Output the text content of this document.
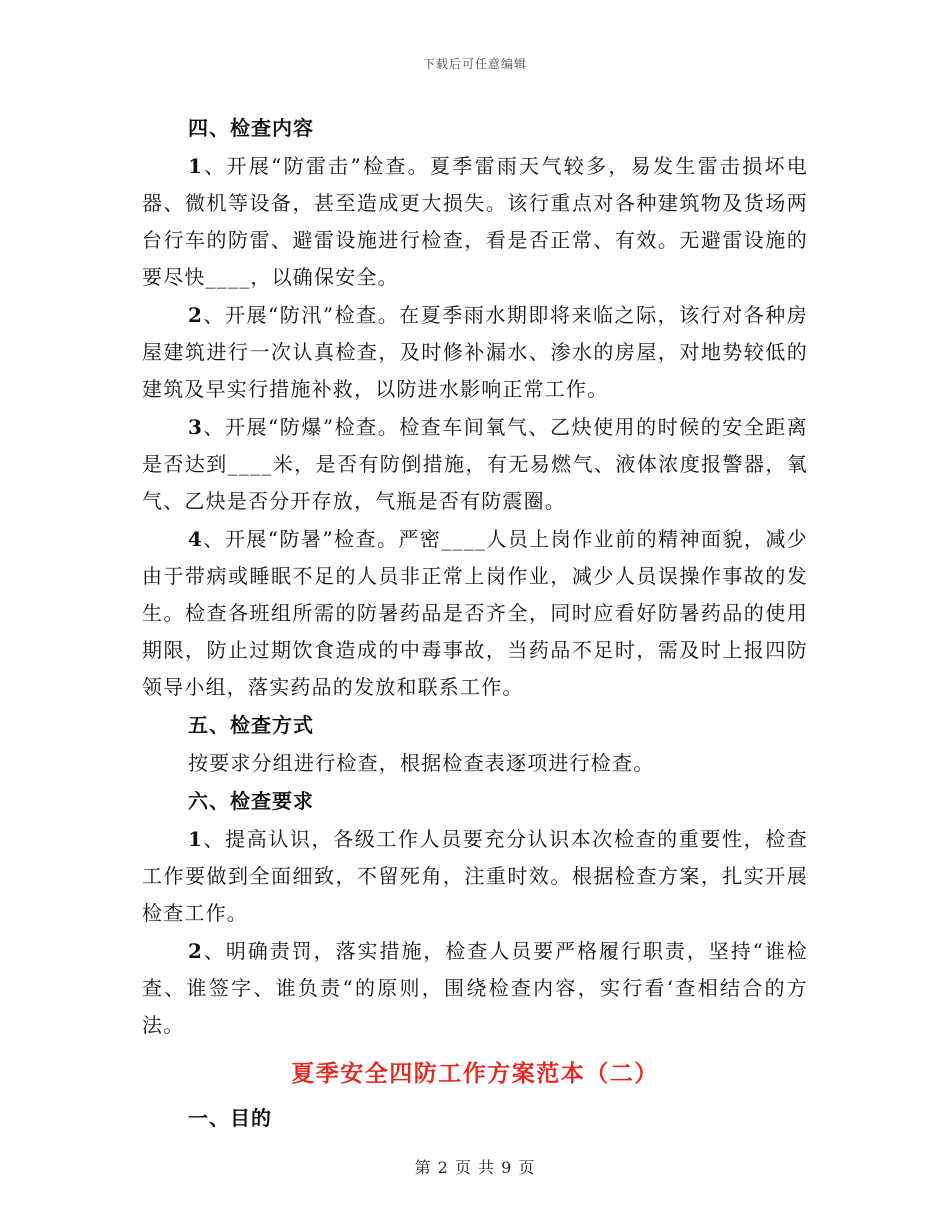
下载后可任意编辑
四、检查内容

1、开展“防雷击”检查。夏季雷雨天气较多，易发生雷击损坏电器、微机等设备，甚至造成更大损失。该行重点对各种建筑物及货场两台行车的防雷、避雷设施进行检查，看是否正常、有效。无避雷设施的要尽快____，以确保安全。

2、开展“防汛”检查。在夏季雨水期即将来临之际，该行对各种房屋建筑进行一次认真检查，及时修补漏水、渗水的房屋，对地势较低的建筑及早实行措施补救，以防进水影响正常工作。

3、开展“防爆”检查。检查车间氧气、乙炔使用的时候的安全距离是否达到____米，是否有防倒措施，有无易燃气、液体浓度报警器，氧气、乙炔是否分开存放，气瓶是否有防震圈。

4、开展“防暑”检查。严密____人员上岗作业前的精神面貌，减少由于带病或睡眠不足的人员非正常上岗作业，减少人员误操作事故的发生。检查各班组所需的防暑药品是否齐全，同时应看好防暑药品的使用期限，防止过期饮食造成的中毒事故，当药品不足时，需及时上报四防领导小组，落实药品的发放和联系工作。

五、检查方式

按要求分组进行检查，根据检查表逐项进行检查。

六、检查要求

1、提高认识，各级工作人员要充分认识本次检查的重要性，检查工作要做到全面细致，不留死角，注重时效。根据检查方案，扎实开展检查工作。

2、明确责罚，落实措施，检查人员要严格履行职责，坚持“谁检查、谁签字、谁负责“的原则，围绕检查内容，实行看‘查相结合的方法。

夏季安全四防工作方案范本（二）
一、目的
第 2 页 共 9 页
